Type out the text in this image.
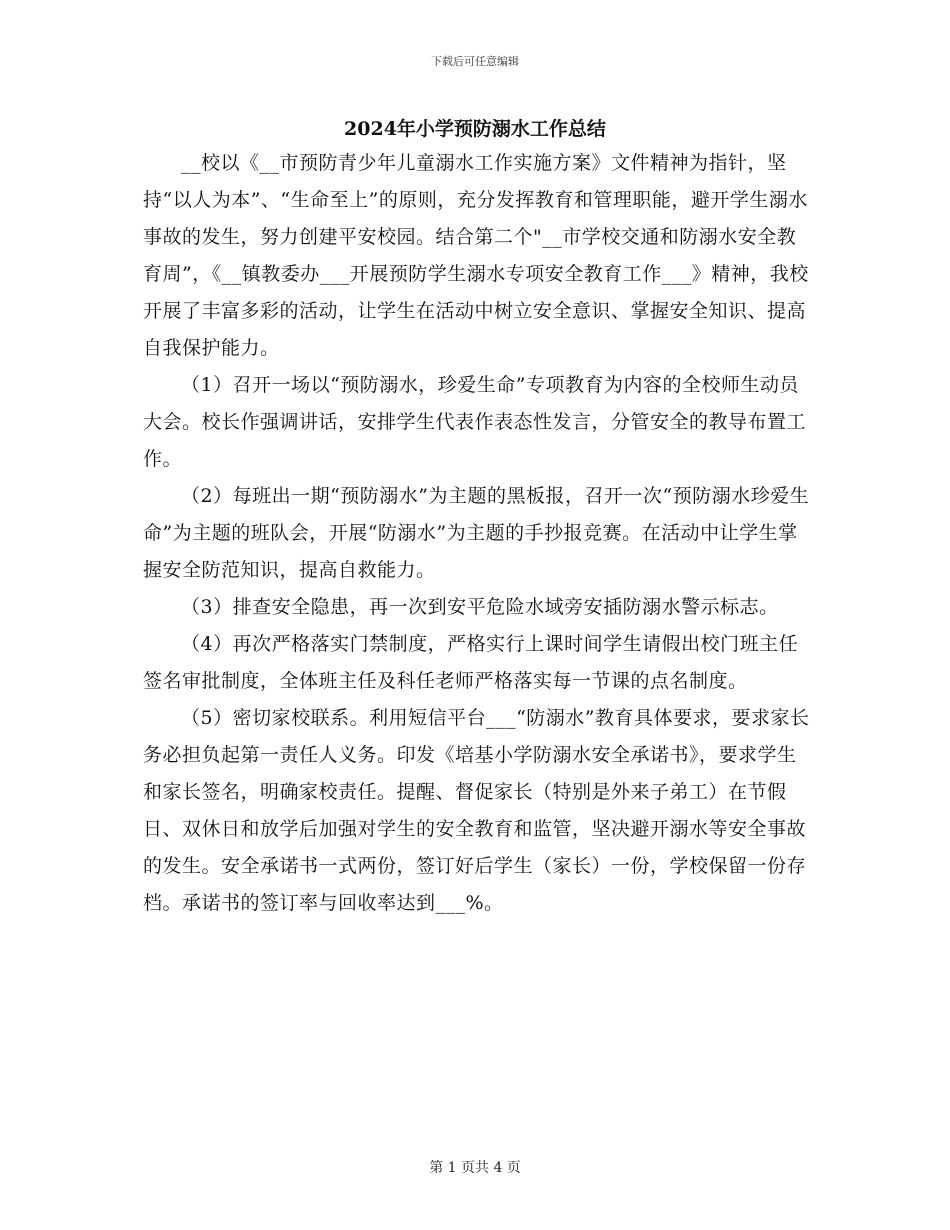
下载后可任意编辑
2024年小学预防溺水工作总结

__校以《__市预防青少年儿童溺水工作实施方案》文件精神为指针，坚持“以人为本”、“生命至上”的原则，充分发挥教育和管理职能，避开学生溺水事故的发生，努力创建平安校园。结合第二个"__市学校交通和防溺水安全教育周”，《__镇教委办___开展预防学生溺水专项安全教育工作___》精神，我校开展了丰富多彩的活动，让学生在活动中树立安全意识、掌握安全知识、提高自我保护能力。

（1）召开一场以“预防溺水，珍爱生命”专项教育为内容的全校师生动员大会。校长作强调讲话，安排学生代表作表态性发言，分管安全的教导布置工作。

（2）每班出一期“预防溺水”为主题的黑板报，召开一次“预防溺水珍爱生命”为主题的班队会，开展“防溺水”为主题的手抄报竞赛。在活动中让学生掌握安全防范知识，提高自救能力。

（3）排查安全隐患，再一次到安平危险水域旁安插防溺水警示标志。

（4）再次严格落实门禁制度，严格实行上课时间学生请假出校门班主任签名审批制度，全体班主任及科任老师严格落实每一节课的点名制度。

（5）密切家校联系。利用短信平台___“防溺水”教育具体要求，要求家长务必担负起第一责任人义务。印发《培基小学防溺水安全承诺书》，要求学生和家长签名，明确家校责任。提醒、督促家长（特别是外来子弟工）在节假日、双休日和放学后加强对学生的安全教育和监管，坚决避开溺水等安全事故的发生。安全承诺书一式两份，签订好后学生（家长）一份，学校保留一份存档。承诺书的签订率与回收率达到___%。

第 1 页共 4 页
